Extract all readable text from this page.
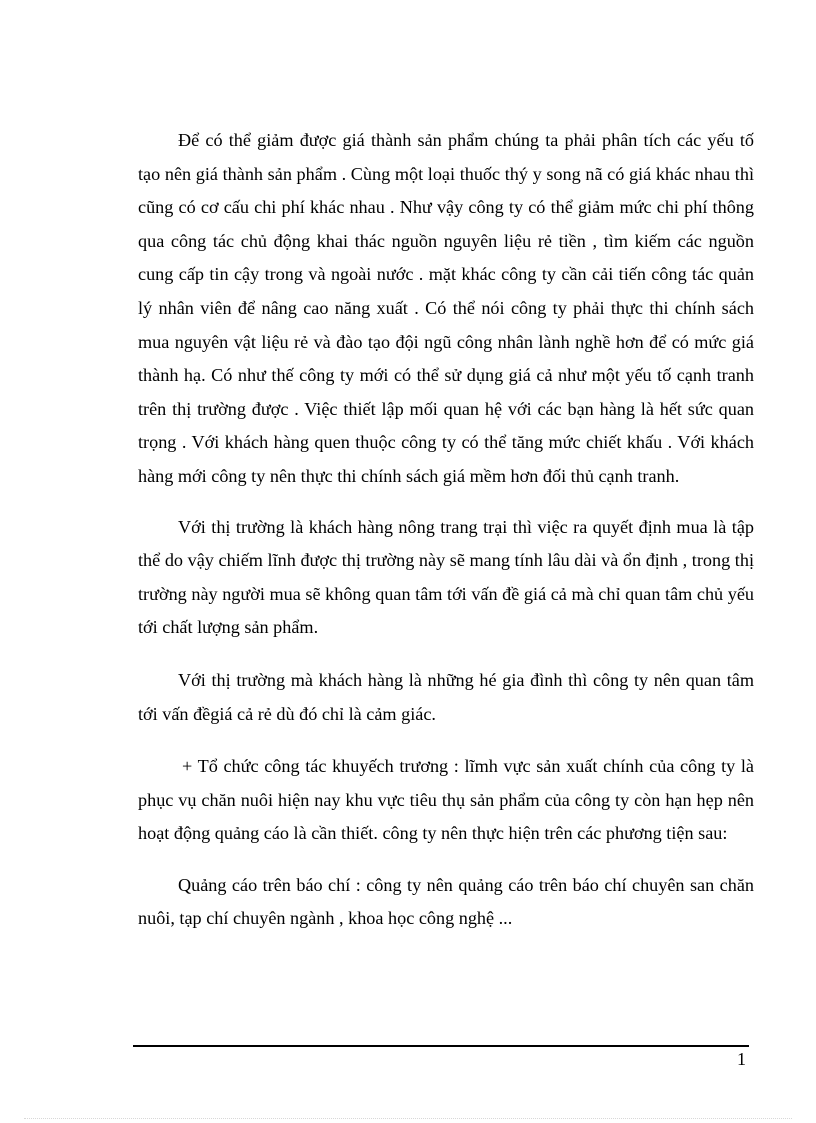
Để có thể giảm được giá thành sản phẩm chúng ta phải phân tích các yếu tố tạo nên giá thành sản phẩm . Cùng một loại thuốc thý y song nã có giá khác nhau thì cũng có cơ cấu chi phí khác nhau . Như vậy công ty có thể giảm mức chi phí thông qua công tác chủ động khai thác nguồn nguyên liệu rẻ tiền , tìm kiếm các nguồn cung cấp tin cậy trong và ngoài nước . mặt khác công ty cần cải tiến công tác quản lý nhân viên để nâng cao năng xuất . Có thể nói công ty phải thực thi chính sách mua nguyên vật liệu rẻ và đào tạo đội ngũ công nhân lành nghề hơn để có mức giá thành hạ. Có như thế công ty mới có thể sử dụng giá cả như một yếu tố cạnh tranh trên thị trường được . Việc thiết lập mối quan hệ với các bạn hàng là hết sức quan trọng . Với khách hàng quen thuộc công ty có thể tăng mức chiết khấu . Với khách hàng mới công ty nên thực thi chính sách giá mềm hơn đối thủ cạnh tranh.

Với thị trường là khách hàng nông trang trại thì việc ra quyết định mua là tập thể do vậy chiếm lĩnh được thị trường này sẽ mang tính lâu dài và ổn định , trong thị trường này người mua sẽ không quan tâm tới vấn đề giá cả mà chỉ quan tâm chủ yếu tới chất lượng sản phẩm.

Với thị trường mà khách hàng là những hé gia đình thì công ty nên quan tâm tới vấn đềgiá cả rẻ dù đó chỉ là cảm giác.

+ Tổ chức công tác khuyếch trương : lĩmh vực sản xuất chính của công ty là phục vụ chăn nuôi hiện nay khu vực tiêu thụ sản phẩm của công ty còn hạn hẹp nên hoạt động quảng cáo là cần thiết. công ty nên thực hiện trên các phương tiện sau:

Quảng cáo trên báo chí : công ty nên quảng cáo trên báo chí chuyên san chăn nuôi, tạp chí chuyên ngành , khoa học công nghệ ...

1
